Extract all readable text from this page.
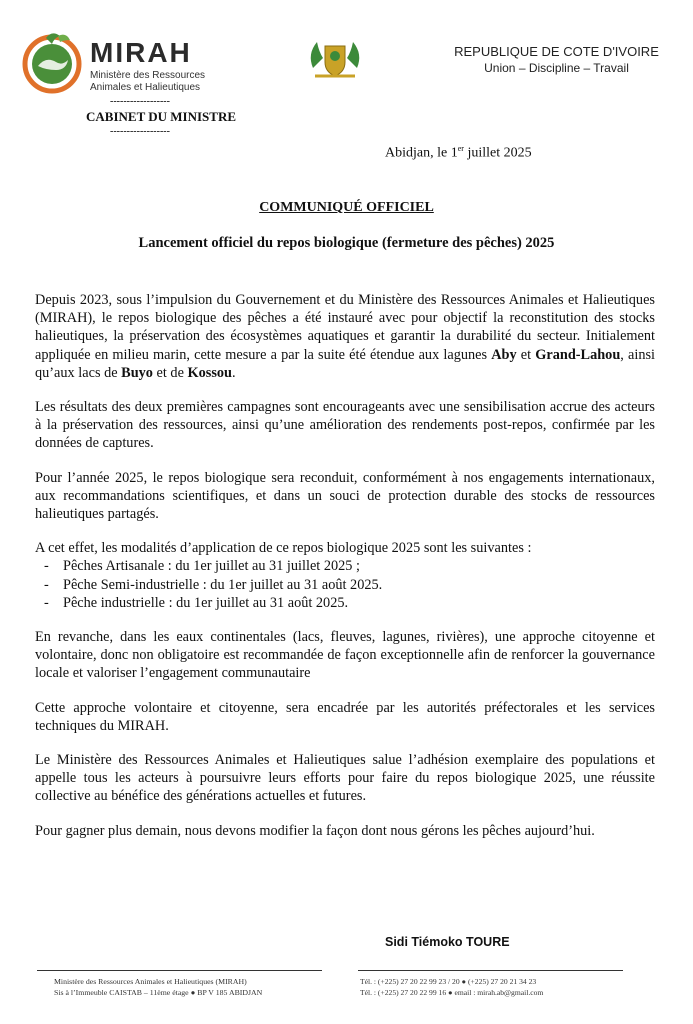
MIRAH
Ministère des Ressources
Animales et Halieutiques
------------------
CABINET DU MINISTRE
------------------
REPUBLIQUE DE COTE D'IVOIRE
Union – Discipline – Travail
Abidjan, le 1er juillet 2025
COMMUNIQUÉ OFFICIEL
Lancement officiel du repos biologique (fermeture des pêches) 2025

Depuis 2023, sous l’impulsion du Gouvernement et du Ministère des Ressources Animales et Halieutiques (MIRAH), le repos biologique des pêches a été instauré avec pour objectif la reconstitution des stocks halieutiques, la préservation des écosystèmes aquatiques et garantir la durabilité du secteur. Initialement appliquée en milieu marin, cette mesure a par la suite été étendue aux lagunes Aby et Grand-Lahou, ainsi qu’aux lacs de Buyo et de Kossou.

Les résultats des deux premières campagnes sont encourageants avec une sensibilisation accrue des acteurs à la préservation des ressources, ainsi qu’une amélioration des rendements post-repos, confirmée par les données de captures.

Pour l’année 2025, le repos biologique sera reconduit, conformément à nos engagements internationaux, aux recommandations scientifiques, et dans un souci de protection durable des stocks de ressources halieutiques partagés.

A cet effet, les modalités d’application de ce repos biologique 2025 sont les suivantes :

- Pêches Artisanale : du 1er juillet au 31 juillet 2025 ;
- Pêche Semi-industrielle : du 1er juillet au 31 août 2025.
- Pêche industrielle : du 1er juillet au 31 août 2025.

En revanche, dans les eaux continentales (lacs, fleuves, lagunes, rivières), une approche citoyenne et volontaire, donc non obligatoire est recommandée de façon exceptionnelle afin de renforcer la gouvernance locale et valoriser l’engagement communautaire

Cette approche volontaire et citoyenne, sera encadrée par les autorités préfectorales et les services techniques du MIRAH.

Le Ministère des Ressources Animales et Halieutiques salue l’adhésion exemplaire des populations et appelle tous les acteurs à poursuivre leurs efforts pour faire du repos biologique 2025, une réussite collective au bénéfice des générations actuelles et futures.

Pour gagner plus demain, nous devons modifier la façon dont nous gérons les pêches aujourd’hui.

Sidi Tiémoko TOURE
Ministère des Ressources Animales et Halieutiques (MIRAH)
Sis à l’Immeuble CAISTAB – 11ème étage ● BP V 185 ABIDJAN
Tél. : (+225) 27 20 22 99 23 / 20 ● (+225) 27 20 21 34 23
Tél. : (+225) 27 20 22 99 16 ● email : mirah.ab@gmail.com
